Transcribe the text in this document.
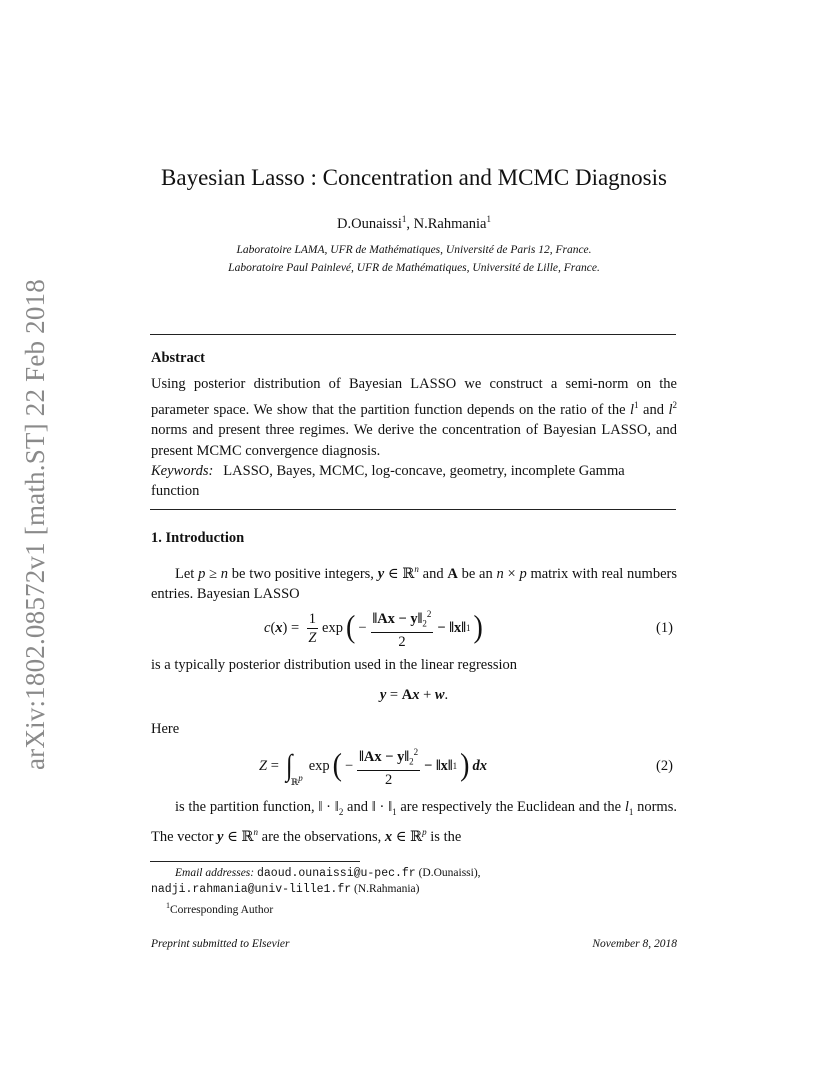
arXiv:1802.08572v1 [math.ST] 22 Feb 2018
Bayesian Lasso : Concentration and MCMC Diagnosis
D.Ounaissi$^1$, N.Rahmania$^1$
Laboratoire LAMA, UFR de Mathématiques, Université de Paris 12, France.
Laboratoire Paul Painlevé, UFR de Mathématiques, Université de Lille, France.
Abstract
Using posterior distribution of Bayesian LASSO we construct a semi-norm on the parameter space. We show that the partition function depends on the ratio of the $l^1$ and $l^2$ norms and present three regimes. We derive the concentration of Bayesian LASSO, and present MCMC convergence diagnosis.
Keywords: LASSO, Bayes, MCMC, log-concave, geometry, incomplete Gamma function
1. Introduction
Let p ≥ n be two positive integers, y ∈ ℝ$^n$ and A be an n × p matrix with real numbers entries. Bayesian LASSO
c ( x ) = $\frac{1}{Z}$ exp ( − $\frac{‖Ax - y‖_2^2}{2}$ − ‖x‖ 1 )	(1)
is a typically posterior distribution used in the linear regression
y = Ax + w.
Here
Z = ∫
ℝ$^p$
exp ( − $\frac{‖Ax - y‖_2^2}{2}$ − ‖x‖ 1 ) dx	(2)
is the partition function, ‖ · $‖_2$ and ‖ · $‖_1$ are respectively the Euclidean and the $l_1$ norms. The vector y ∈ ℝ$^n$ are the observations, x ∈ ℝ$^p$ is the
Email addresses: daoud.ounaissi@u-pec.fr (D.Ounaissi),
nadji.rahmania@univ-lille1.fr (N.Rahmania)
$^1$Corresponding Author
Preprint submitted to Elsevier	November 8, 2018
